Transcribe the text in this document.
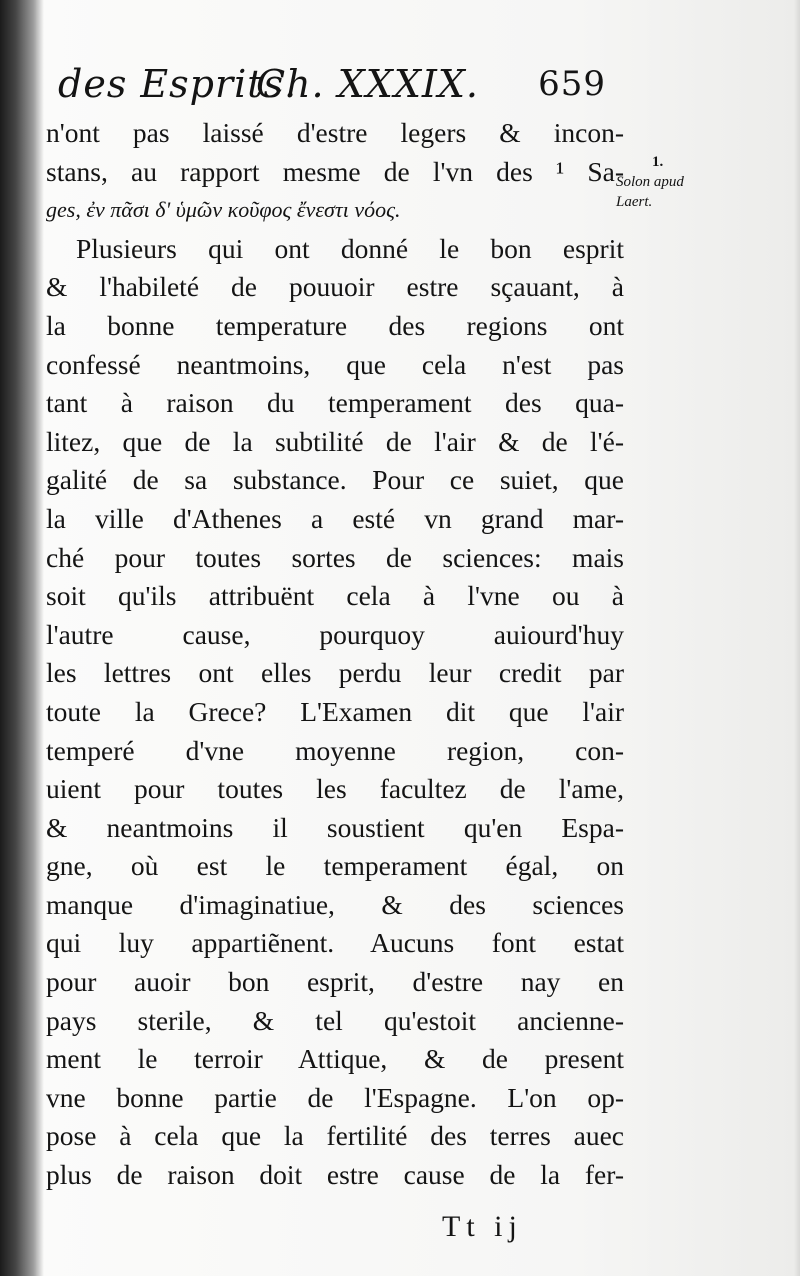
des Esprits.
Ch. XXXIX. 659
n'ont pas laissé d'estre legers & incon-
stans, au rapport mesme de l'vn des ¹ Sa-
ges, ἐν πᾶσι δ' ὑμῶν κοῦφος ἔνεστι νόος.
Plusieurs qui ont donné le bon esprit
& l'habileté de pouuoir estre sçauant, à
la bonne temperature des regions ont
confessé neantmoins, que cela n'est pas
tant à raison du temperament des qua-
litez, que de la subtilité de l'air & de l'é-
galité de sa substance. Pour ce suiet, que
la ville d'Athenes a esté vn grand mar-
ché pour toutes sortes de sciences: mais
soit qu'ils attribuënt cela à l'vne ou à
l'autre cause, pourquoy auiourd'huy
les lettres ont elles perdu leur credit par
toute la Grece? L'Examen dit que l'air
temperé d'vne moyenne region, con-
uient pour toutes les facultez de l'ame,
& neantmoins il soustient qu'en Espa-
gne, où est le temperament égal, on
manque d'imaginatiue, & des sciences
qui luy appartiẽnent. Aucuns font estat
pour auoir bon esprit, d'estre nay en
pays sterile, & tel qu'estoit ancienne-
ment le terroir Attique, & de present
vne bonne partie de l'Espagne. L'on op-
pose à cela que la fertilité des terres auec
plus de raison doit estre cause de la fer-
1.
Solon apud
Laert.
Tt ij
